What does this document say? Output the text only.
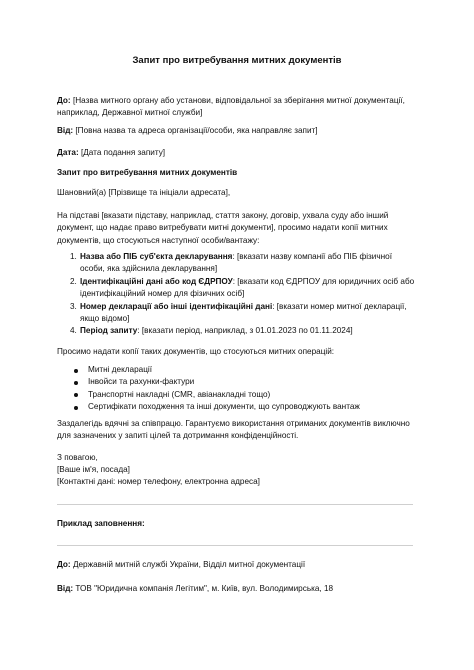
Запит про витребування митних документів

До: [Назва митного органу або установи, відповідальної за зберігання митної документації, наприклад, Державної митної служби]

Від: [Повна назва та адреса організації/особи, яка направляє запит]

Дата: [Дата подання запиту]

Запит про витребування митних документів

Шановний(а) [Прізвище та ініціали адресата],

На підставі [вказати підставу, наприклад, стаття закону, договір, ухвала суду або інший документ, що надає право витребувати митні документи], просимо надати копії митних документів, що стосуються наступної особи/вантажу:

1. Назва або ПІБ суб'єкта декларування: [вказати назву компанії або ПІБ фізичної особи, яка здійснила декларування]
2. Ідентифікаційні дані або код ЄДРПОУ: [вказати код ЄДРПОУ для юридичних осіб або ідентифікаційний номер для фізичних осіб]
3. Номер декларації або інші ідентифікаційні дані: [вказати номер митної декларації, якщо відомо]
4. Період запиту: [вказати період, наприклад, з 01.01.2023 по 01.11.2024]

Просимо надати копії таких документів, що стосуються митних операцій:

Митні декларації
Інвойси та рахунки-фактури
Транспортні накладні (CMR, авіанакладні тощо)
Сертифікати походження та інші документи, що супроводжують вантаж

Заздалегідь вдячні за співпрацю. Гарантуємо використання отриманих документів виключно для зазначених у запиті цілей та дотримання конфіденційності.

З повагою,

[Ваше ім'я, посада]

[Контактні дані: номер телефону, електронна адреса]

Приклад заповнення:

До: Державній митній службі України, Відділ митної документації

Від: ТОВ "Юридична компанія Легітим", м. Київ, вул. Володимирська, 18
